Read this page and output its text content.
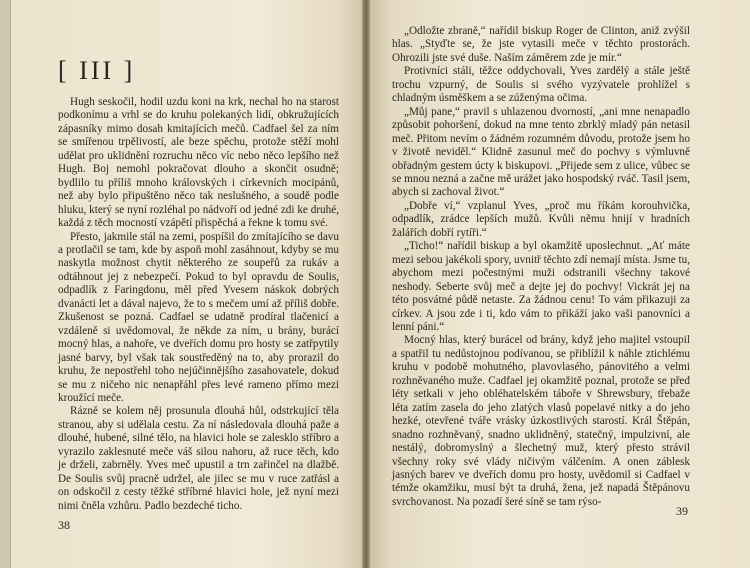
[ III ]

Hugh seskočil, hodil uzdu koni na krk, nechal ho na starost podkonímu a vrhl se do kruhu polekaných lidí, obkružujících zápasníky mimo dosah kmitajících mečů. Cadfael šel za ním se smířenou trpělivostí, ale beze spěchu, protože stěží mohl udělat pro uklidnění rozruchu něco víc nebo něco lepšího než Hugh. Boj nemohl pokračovat dlouho a skončit osudně; bydlilo tu příliš mnoho královských i církevních mocipánů, než aby bylo připuštěno něco tak neslušného, a soudě podle hluku, který se nyní rozléhal po nádvoří od jedné zdi ke druhé, každá z těch mocností vzápětí přispěchá a řekne k tomu své.

Přesto, jakmile stál na zemi, pospíšil do zmítajícího se davu a protlačil se tam, kde by aspoň mohl zasáhnout, kdyby se mu naskytla možnost chytit některého ze soupeřů za rukáv a odtáhnout jej z nebezpečí. Pokud to byl opravdu de Soulis, odpadlík z Faringdonu, měl před Yvesem náskok dobrých dvanácti let a dával najevo, že to s mečem umí až příliš dobře. Zkušenost se pozná. Cadfael se udatně prodíral tlačenicí a vzdáleně si uvědomoval, že někde za ním, u brány, burácí mocný hlas, a nahoře, ve dveřích domu pro hosty se zatřpytily jasné barvy, byl však tak soustředěný na to, aby prorazil do kruhu, že nepostřehl toho nejúčinnějšího zasahovatele, dokud se mu z ničeho nic nenapřáhl přes levé rameno přímo mezi kroužící meče.

Rázně se kolem něj prosunula dlouhá hůl, odstrkující těla stranou, aby si udělala cestu. Za ní následovala dlouhá paže a dlouhé, hubené, silné tělo, na hlavici hole se zalesklo stříbro a vyrazilo zaklesnuté meče váš silou nahoru, až ruce těch, kdo je drželi, zabrněly. Yves meč upustil a trn zařinčel na dlažbě. De Soulis svůj pracně udržel, ale jilec se mu v ruce zatřásl a on odskočil z cesty těžké stříbrné hlavici hole, jež nyní mezi nimi čněla vzhůru. Padlo bezdeché ticho.

38

„Odložte zbraně,“ nařídil biskup Roger de Clinton, aniž zvýšil hlas. „Styďte se, že jste vytasili meče v těchto prostorách. Ohrozili jste své duše. Naším záměrem zde je mír.“

Protivníci stáli, těžce oddychovali, Yves zardělý a stále ještě trochu vzpurný, de Soulis si svého vyzývatele prohlížel s chladným úsměškem a se zúženýma očima.

„Můj pane,“ pravil s uhlazenou dvorností, „ani mne nenapadlo způsobit pohoršení, dokud na mne tento zbrklý mladý pán netasil meč. Přitom nevím o žádném rozumném důvodu, protože jsem ho v životě neviděl.“ Klidně zasunul meč do pochvy s výmluvně obřadným gestem úcty k biskupovi. „Přijede sem z ulice, vůbec se se mnou nezná a začne mě urážet jako hospodský rváč. Tasil jsem, abych si zachoval život.“

„Dobře ví,“ vzplanul Yves, „proč mu říkám korouhvička, odpadlík, zrádce lepších mužů. Kvůli němu hnijí v hradních žalářích dobří rytíři.“

„Ticho!“ nařídil biskup a byl okamžitě uposlechnut. „Ať máte mezi sebou jakékoli spory, uvnitř těchto zdí nemají místa. Jsme tu, abychom mezi počestnými muži odstranili všechny takové neshody. Seberte svůj meč a dejte jej do pochvy! Vickrát jej na této posvátné půdě netaste. Za žádnou cenu! To vám přikazuji za církev. A jsou zde i ti, kdo vám to přikáží jako vaši panovníci a lenní páni.“

Mocný hlas, který burácel od brány, když jeho majitel vstoupil a spatřil tu nedůstojnou podívanou, se přiblížil k náhle ztichlému kruhu v podobě mohutného, plavovlasého, pánovitého a velmi rozhněvaného muže. Cadfael jej okamžitě poznal, protože se před léty setkali v jeho obléhatelském táboře v Shrewsbury, třebaže léta zatím zasela do jeho zlatých vlasů popelavé nitky a do jeho hezké, otevřené tváře vrásky úzkostlivých starostí. Král Štěpán, snadno rozhněvaný, snadno uklidněný, statečný, impulzivní, ale nestálý, dobromyslný a šlechetný muž, který přesto strávil všechny roky své vlády ničivým válčením. A onen záblesk jasných barev ve dveřích domu pro hosty, uvědomil si Cadfael v témže okamžiku, musí být ta druhá, žena, jež napadá Štěpánovu svrchovanost. Na pozadí šeré síně se tam rýso-

39
